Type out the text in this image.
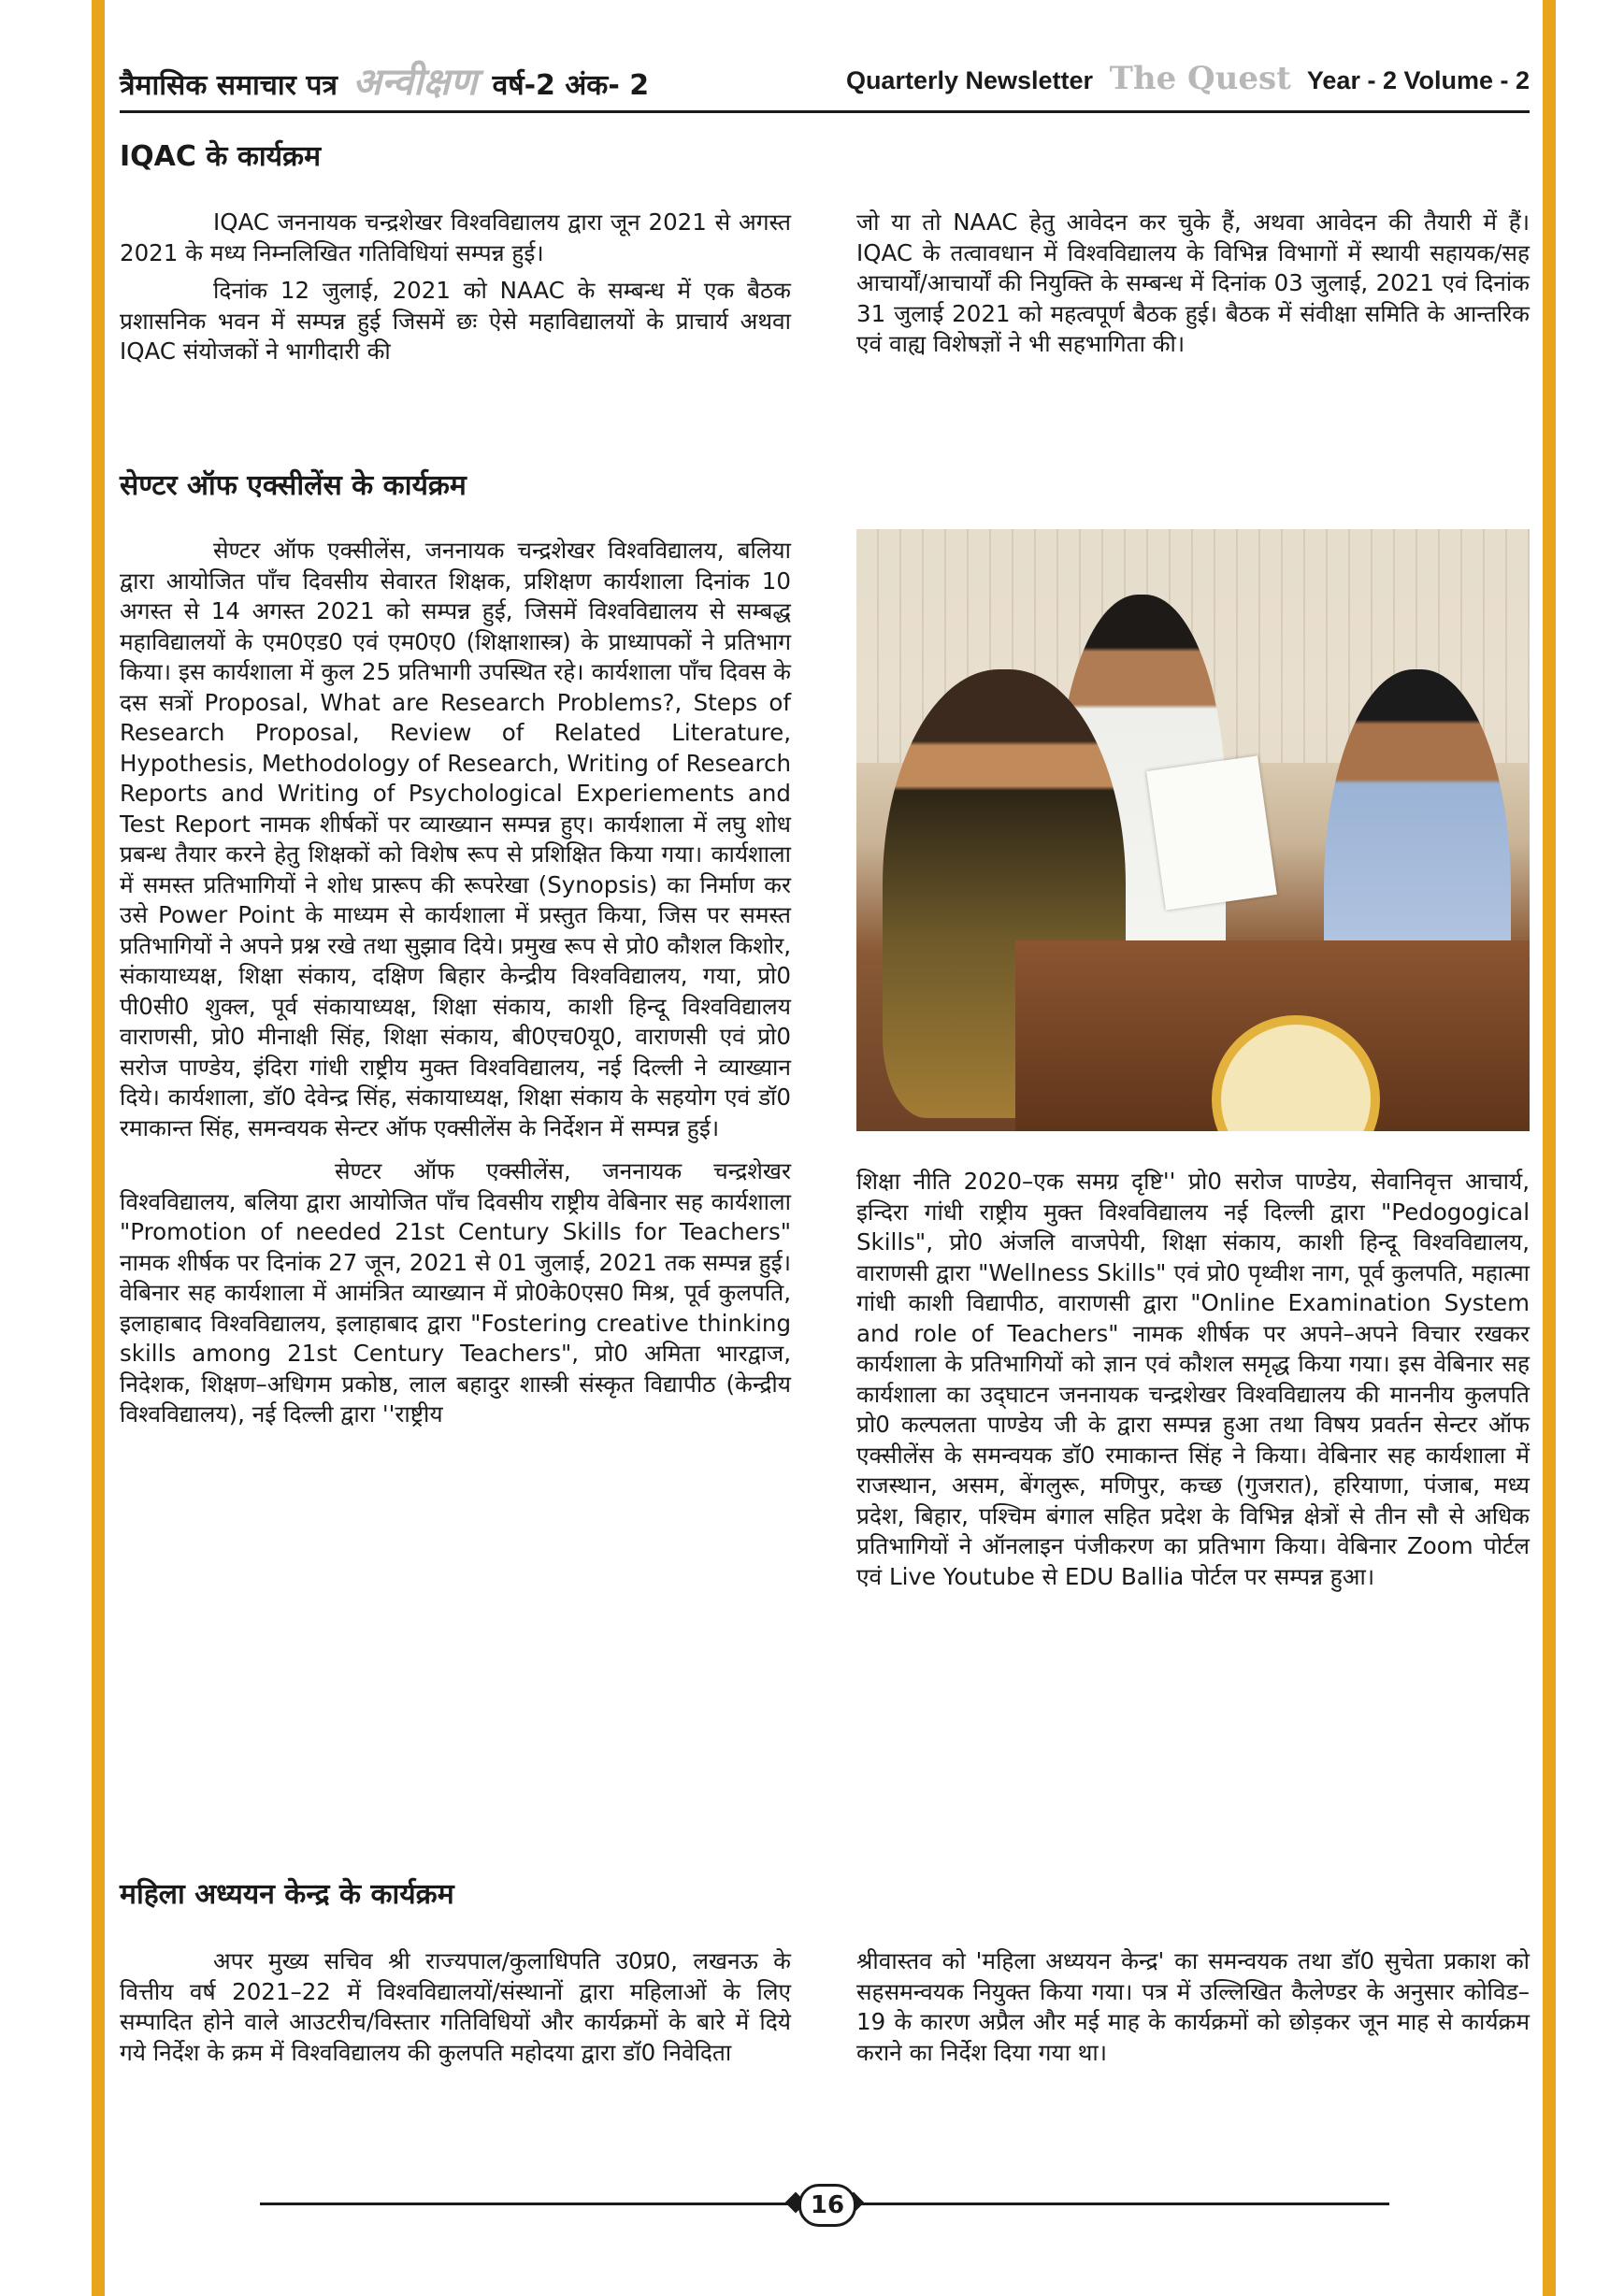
त्रैमासिक समाचार पत्र अन्वीक्षण वर्ष-2 अंक- 2	Quarterly Newsletter The Quest Year - 2 Volume - 2
IQAC के कार्यक्रम

IQAC जननायक चन्द्रशेखर विश्वविद्यालय द्वारा जून 2021 से अगस्त 2021 के मध्य निम्नलिखित गतिविधियां सम्पन्न हुई।

दिनांक 12 जुलाई, 2021 को NAAC के सम्बन्ध में एक बैठक प्रशासनिक भवन में सम्पन्न हुई जिसमें छः ऐसे महाविद्यालयों के प्राचार्य अथवा IQAC संयोजकों ने भागीदारी की

जो या तो NAAC हेतु आवेदन कर चुके हैं, अथवा आवेदन की तैयारी में हैं। IQAC के तत्वावधान में विश्वविद्यालय के विभिन्न विभागों में स्थायी सहायक/सह आचार्यों/आचार्यों की नियुक्ति के सम्बन्ध में दिनांक 03 जुलाई, 2021 एवं दिनांक 31 जुलाई 2021 को महत्वपूर्ण बैठक हुई। बैठक में संवीक्षा समिति के आन्तरिक एवं वाह्य विशेषज्ञों ने भी सहभागिता की।

सेण्टर ऑफ एक्सीलेंस के कार्यक्रम

सेण्टर ऑफ एक्सीलेंस, जननायक चन्द्रशेखर विश्वविद्यालय, बलिया द्वारा आयोजित पाँच दिवसीय सेवारत शिक्षक, प्रशिक्षण कार्यशाला दिनांक 10 अगस्त से 14 अगस्त 2021 को सम्पन्न हुई, जिसमें विश्वविद्यालय से सम्बद्ध महाविद्यालयों के एम0एड0 एवं एम0ए0 (शिक्षाशास्त्र) के प्राध्यापकों ने प्रतिभाग किया। इस कार्यशाला में कुल 25 प्रतिभागी उपस्थित रहे। कार्यशाला पाँच दिवस के दस सत्रों Proposal, What are Research Problems?, Steps of Research Proposal, Review of Related Literature, Hypothesis, Methodology of Research, Writing of Research Reports and Writing of Psychological Experiements and Test Report नामक शीर्षकों पर व्याख्यान सम्पन्न हुए। कार्यशाला में लघु शोध प्रबन्ध तैयार करने हेतु शिक्षकों को विशेष रूप से प्रशिक्षित किया गया। कार्यशाला में समस्त प्रतिभागियों ने शोध प्रारूप की रूपरेखा (Synopsis) का निर्माण कर उसे Power Point के माध्यम से कार्यशाला में प्रस्तुत किया, जिस पर समस्त प्रतिभागियों ने अपने प्रश्न रखे तथा सुझाव दिये। प्रमुख रूप से प्रो0 कौशल किशोर, संकायाध्यक्ष, शिक्षा संकाय, दक्षिण बिहार केन्द्रीय विश्वविद्यालय, गया, प्रो0 पी0सी0 शुक्ल, पूर्व संकायाध्यक्ष, शिक्षा संकाय, काशी हिन्दू विश्वविद्यालय वाराणसी, प्रो0 मीनाक्षी सिंह, शिक्षा संकाय, बी0एच0यू0, वाराणसी एवं प्रो0 सरोज पाण्डेय, इंदिरा गांधी राष्ट्रीय मुक्त विश्वविद्यालय, नई दिल्ली ने व्याख्यान दिये। कार्यशाला, डॉ0 देवेन्द्र सिंह, संकायाध्यक्ष, शिक्षा संकाय के सहयोग एवं डॉ0 रमाकान्त सिंह, समन्वयक सेन्टर ऑफ एक्सीलेंस के निर्देशन में सम्पन्न हुई।

सेण्टर ऑफ एक्सीलेंस, जननायक चन्द्रशेखर विश्वविद्यालय, बलिया द्वारा आयोजित पाँच दिवसीय राष्ट्रीय वेबिनार सह कार्यशाला "Promotion of needed 21st Century Skills for Teachers" नामक शीर्षक पर दिनांक 27 जून, 2021 से 01 जुलाई, 2021 तक सम्पन्न हुई। वेबिनार सह कार्यशाला में आमंत्रित व्याख्यान में प्रो0के0एस0 मिश्र, पूर्व कुलपति, इलाहाबाद विश्वविद्यालय, इलाहाबाद द्वारा "Fostering creative thinking skills among 21st Century Teachers", प्रो0 अमिता भारद्वाज, निदेशक, शिक्षण–अधिगम प्रकोष्ठ, लाल बहादुर शास्त्री संस्कृत विद्यापीठ (केन्द्रीय विश्वविद्यालय), नई दिल्ली द्वारा ''राष्ट्रीय

शिक्षा नीति 2020–एक समग्र दृष्टि'' प्रो0 सरोज पाण्डेय, सेवानिवृत्त आचार्य, इन्दिरा गांधी राष्ट्रीय मुक्त विश्वविद्यालय नई दिल्ली द्वारा "Pedogogical Skills", प्रो0 अंजलि वाजपेयी, शिक्षा संकाय, काशी हिन्दू विश्वविद्यालय, वाराणसी द्वारा "Wellness Skills" एवं प्रो0 पृथ्वीश नाग, पूर्व कुलपति, महात्मा गांधी काशी विद्यापीठ, वाराणसी द्वारा "Online Examination System and role of Teachers" नामक शीर्षक पर अपने–अपने विचार रखकर कार्यशाला के प्रतिभागियों को ज्ञान एवं कौशल समृद्ध किया गया। इस वेबिनार सह कार्यशाला का उद्‌घाटन जननायक चन्द्रशेखर विश्वविद्यालय की माननीय कुलपति प्रो0 कल्पलता पाण्डेय जी के द्वारा सम्पन्न हुआ तथा विषय प्रवर्तन सेन्टर ऑफ एक्सीलेंस के समन्वयक डॉ0 रमाकान्त सिंह ने किया। वेबिनार सह कार्यशाला में राजस्थान, असम, बेंगलुरू, मणिपुर, कच्छ (गुजरात), हरियाणा, पंजाब, मध्य प्रदेश, बिहार, पश्चिम बंगाल सहित प्रदेश के विभिन्न क्षेत्रों से तीन सौ से अधिक प्रतिभागियों ने ऑनलाइन पंजीकरण का प्रतिभाग किया। वेबिनार Zoom पोर्टल एवं Live Youtube से EDU Ballia पोर्टल पर सम्पन्न हुआ।

महिला अध्ययन केन्द्र के कार्यक्रम

अपर मुख्य सचिव श्री राज्यपाल/कुलाधिपति उ0प्र0, लखनऊ के वित्तीय वर्ष 2021–22 में विश्वविद्यालयों/संस्थानों द्वारा महिलाओं के लिए सम्पादित होने वाले आउटरीच/विस्तार गतिविधियों और कार्यक्रमों के बारे में दिये गये निर्देश के क्रम में विश्वविद्यालय की कुलपति महोदया द्वारा डॉ0 निवेदिता

श्रीवास्तव को 'महिला अध्ययन केन्द्र' का समन्वयक तथा डॉ0 सुचेता प्रकाश को सहसमन्वयक नियुक्त किया गया। पत्र में उल्लिखित कैलेण्डर के अनुसार कोविड–19 के कारण अप्रैल और मई माह के कार्यक्रमों को छोड़कर जून माह से कार्यक्रम कराने का निर्देश दिया गया था।

16
